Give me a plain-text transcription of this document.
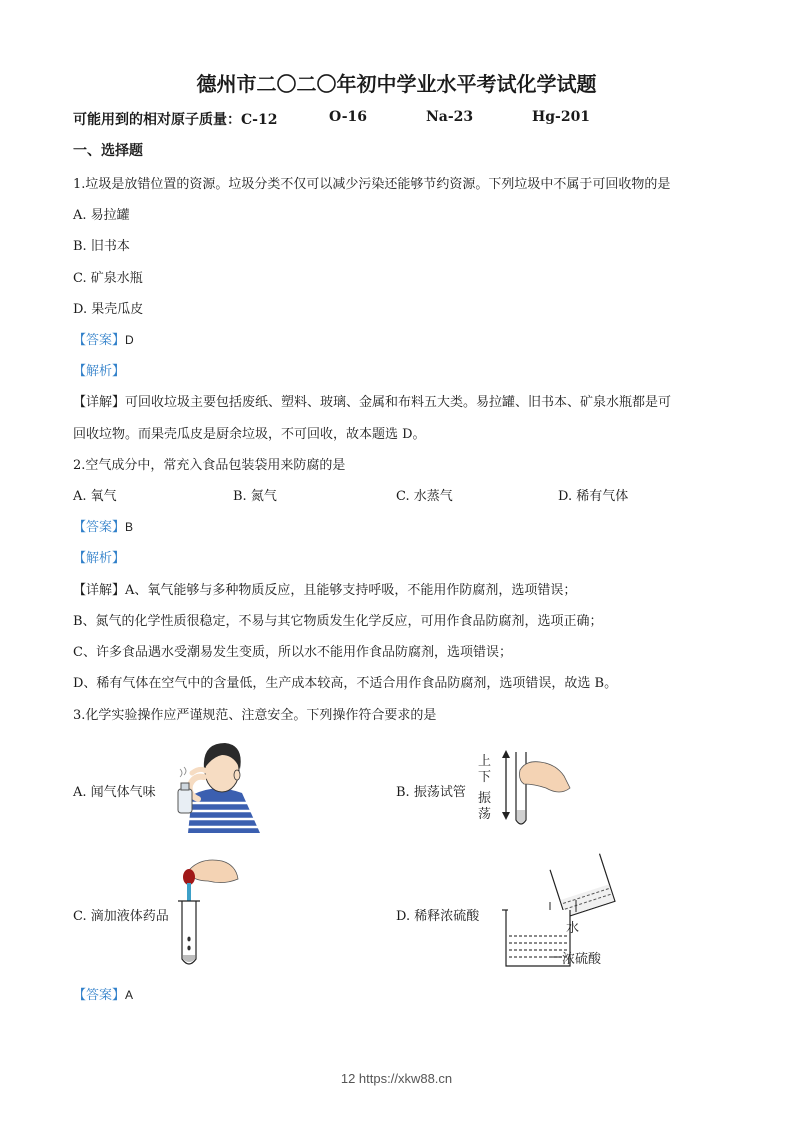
德州市二〇二〇年初中学业水平考试化学试题
可能用到的相对原子质量：C-12	O-16	Na-23	Hg-201
一、选择题
1.垃圾是放错位置的资源。垃圾分类不仅可以减少污染还能够节约资源。下列垃圾中不属于可回收物的是
A. 易拉罐
B. 旧书本
C. 矿泉水瓶
D. 果壳瓜皮
【答案】D
【解析】
【详解】可回收垃圾主要包括废纸、塑料、玻璃、金属和布料五大类。易拉罐、旧书本、矿泉水瓶都是可
回收垃物。而果壳瓜皮是厨余垃圾，不可回收，故本题选 D。
2.空气成分中，常充入食品包装袋用来防腐的是
A. 氧气	B. 氮气	C. 水蒸气	D. 稀有气体
【答案】B
【解析】
【详解】A、氧气能够与多种物质反应，且能够支持呼吸，不能用作防腐剂，选项错误；
B、氮气的化学性质很稳定，不易与其它物质发生化学反应，可用作食品防腐剂，选项正确；
C、许多食品遇水受潮易发生变质，所以水不能用作食品防腐剂，选项错误；
D、稀有气体在空气中的含量低，生产成本较高，不适合用作食品防腐剂，选项错误，故选 B。
3.化学实验操作应严谨规范、注意安全。下列操作符合要求的是
A. 闻气体气味	B. 振荡试管
C. 滴加液体药品	D. 稀释浓硫酸
上
下
振
荡
水
浓硫酸
【答案】A
12 https://xkw88.cn
